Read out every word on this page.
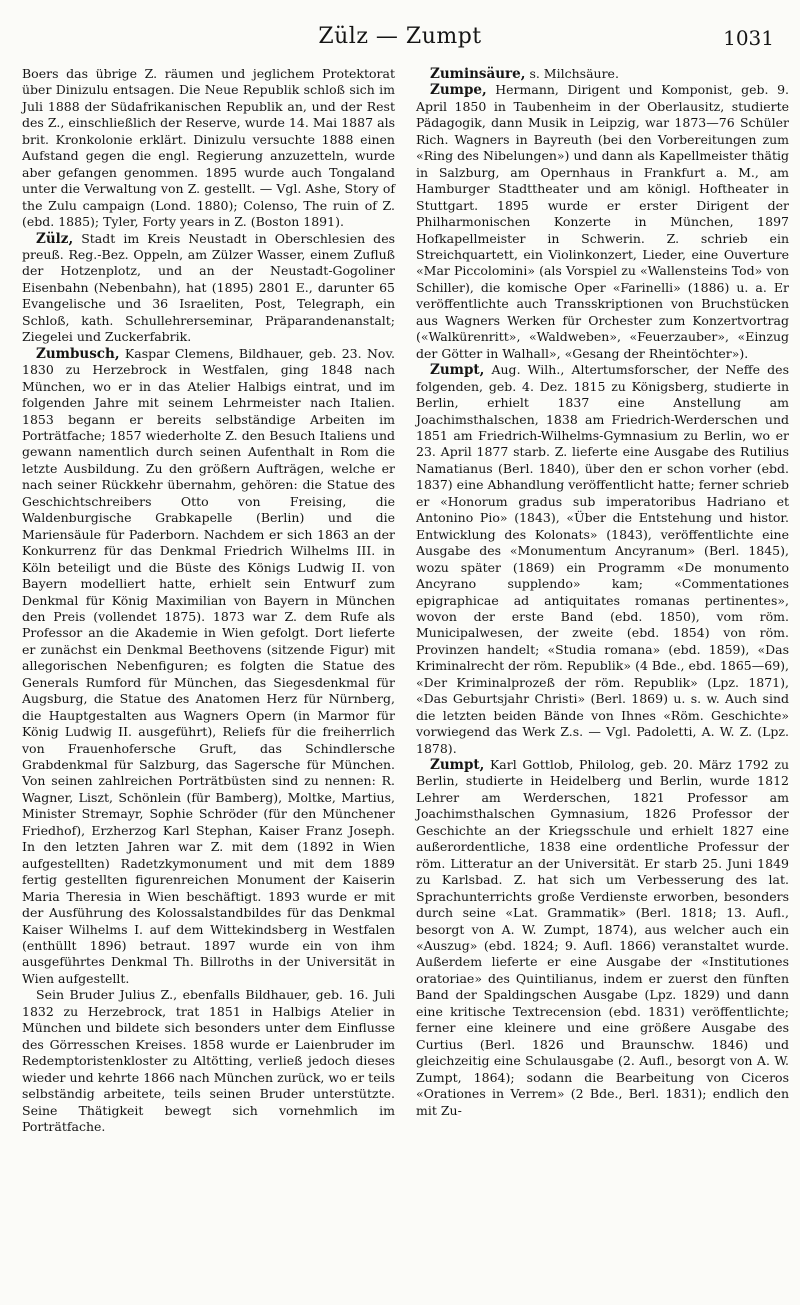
Zülz — Zumpt	1031

Boers das übrige Z. räumen und jeglichem Protektorat über Dinizulu entsagen. Die Neue Republik schloß sich im Juli 1888 der Südafrikanischen Republik an, und der Rest des Z., einschließlich der Reserve, wurde 14. Mai 1887 als brit. Kronkolonie erklärt. Dinizulu versuchte 1888 einen Aufstand gegen die engl. Regierung anzuzetteln, wurde aber gefangen genommen. 1895 wurde auch Tongaland unter die Verwaltung von Z. gestellt. — Vgl. Ashe, Story of the Zulu campaign (Lond. 1880); Colenso, The ruin of Z. (ebd. 1885); Tyler, Forty years in Z. (Boston 1891).

Zülz, Stadt im Kreis Neustadt in Oberschlesien des preuß. Reg.-Bez. Oppeln, am Zülzer Wasser, einem Zufluß der Hotzenplotz, und an der Neustadt-Gogoliner Eisenbahn (Nebenbahn), hat (1895) 2801 E., darunter 65 Evangelische und 36 Israeliten, Post, Telegraph, ein Schloß, kath. Schullehrerseminar, Präparandenanstalt; Ziegelei und Zuckerfabrik.

Zumbusch, Kaspar Clemens, Bildhauer, geb. 23. Nov. 1830 zu Herzebrock in Westfalen, ging 1848 nach München, wo er in das Atelier Halbigs eintrat, und im folgenden Jahre mit seinem Lehrmeister nach Italien. 1853 begann er bereits selbständige Arbeiten im Porträtfache; 1857 wiederholte Z. den Besuch Italiens und gewann namentlich durch seinen Aufenthalt in Rom die letzte Ausbildung. Zu den größern Aufträgen, welche er nach seiner Rückkehr übernahm, gehören: die Statue des Geschichtschreibers Otto von Freising, die Waldenburgische Grabkapelle (Berlin) und die Mariensäule für Paderborn. Nachdem er sich 1863 an der Konkurrenz für das Denkmal Friedrich Wilhelms III. in Köln beteiligt und die Büste des Königs Ludwig II. von Bayern modelliert hatte, erhielt sein Entwurf zum Denkmal für König Maximilian von Bayern in München den Preis (vollendet 1875). 1873 war Z. dem Rufe als Professor an die Akademie in Wien gefolgt. Dort lieferte er zunächst ein Denkmal Beethovens (sitzende Figur) mit allegorischen Nebenfiguren; es folgten die Statue des Generals Rumford für München, das Siegesdenkmal für Augsburg, die Statue des Anatomen Herz für Nürnberg, die Hauptgestalten aus Wagners Opern (in Marmor für König Ludwig II. ausgeführt), Reliefs für die freiherrlich von Frauenhofersche Gruft, das Schindlersche Grabdenkmal für Salzburg, das Sagersche für München. Von seinen zahlreichen Porträtbüsten sind zu nennen: R. Wagner, Liszt, Schönlein (für Bamberg), Moltke, Martius, Minister Stremayr, Sophie Schröder (für den Münchener Friedhof), Erzherzog Karl Stephan, Kaiser Franz Joseph. In den letzten Jahren war Z. mit dem (1892 in Wien aufgestellten) Radetzkymonument und mit dem 1889 fertig gestellten figurenreichen Monument der Kaiserin Maria Theresia in Wien beschäftigt. 1893 wurde er mit der Ausführung des Kolossalstandbildes für das Denkmal Kaiser Wilhelms I. auf dem Wittekindsberg in Westfalen (enthüllt 1896) betraut. 1897 wurde ein von ihm ausgeführtes Denkmal Th. Billroths in der Universität in Wien aufgestellt.

Sein Bruder Julius Z., ebenfalls Bildhauer, geb. 16. Juli 1832 zu Herzebrock, trat 1851 in Halbigs Atelier in München und bildete sich besonders unter dem Einflusse des Görresschen Kreises. 1858 wurde er Laienbruder im Redemptoristenkloster zu Altötting, verließ jedoch dieses wieder und kehrte 1866 nach München zurück, wo er teils selbständig arbeitete, teils seinen Bruder unterstützte. Seine Thätigkeit bewegt sich vornehmlich im Porträtfache.

Zuminsäure, s. Milchsäure.

Zumpe, Hermann, Dirigent und Komponist, geb. 9. April 1850 in Taubenheim in der Oberlausitz, studierte Pädagogik, dann Musik in Leipzig, war 1873—76 Schüler Rich. Wagners in Bayreuth (bei den Vorbereitungen zum «Ring des Nibelungen») und dann als Kapellmeister thätig in Salzburg, am Opernhaus in Frankfurt a. M., am Hamburger Stadttheater und am königl. Hoftheater in Stuttgart. 1895 wurde er erster Dirigent der Philharmonischen Konzerte in München, 1897 Hofkapellmeister in Schwerin. Z. schrieb ein Streichquartett, ein Violinkonzert, Lieder, eine Ouverture «Mar Piccolomini» (als Vorspiel zu «Wallensteins Tod» von Schiller), die komische Oper «Farinelli» (1886) u. a. Er veröffentlichte auch Transskriptionen von Bruchstücken aus Wagners Werken für Orchester zum Konzertvortrag («Walkürenritt», «Waldweben», «Feuerzauber», «Einzug der Götter in Walhall», «Gesang der Rheintöchter»).

Zumpt, Aug. Wilh., Altertumsforscher, der Neffe des folgenden, geb. 4. Dez. 1815 zu Königsberg, studierte in Berlin, erhielt 1837 eine Anstellung am Joachimsthalschen, 1838 am Friedrich-Werderschen und 1851 am Friedrich-Wilhelms-Gymnasium zu Berlin, wo er 23. April 1877 starb. Z. lieferte eine Ausgabe des Rutilius Namatianus (Berl. 1840), über den er schon vorher (ebd. 1837) eine Abhandlung veröffentlicht hatte; ferner schrieb er «Honorum gradus sub imperatoribus Hadriano et Antonino Pio» (1843), «Über die Entstehung und histor. Entwicklung des Kolonats» (1843), veröffentlichte eine Ausgabe des «Monumentum Ancyranum» (Berl. 1845), wozu später (1869) ein Programm «De monumento Ancyrano supplendo» kam; «Commentationes epigraphicae ad antiquitates romanas pertinentes», wovon der erste Band (ebd. 1850), vom röm. Municipalwesen, der zweite (ebd. 1854) von röm. Provinzen handelt; «Studia romana» (ebd. 1859), «Das Kriminalrecht der röm. Republik» (4 Bde., ebd. 1865—69), «Der Kriminalprozeß der röm. Republik» (Lpz. 1871), «Das Geburtsjahr Christi» (Berl. 1869) u. s. w. Auch sind die letzten beiden Bände von Ihnes «Röm. Geschichte» vorwiegend das Werk Z.s. — Vgl. Padoletti, A. W. Z. (Lpz. 1878).

Zumpt, Karl Gottlob, Philolog, geb. 20. März 1792 zu Berlin, studierte in Heidelberg und Berlin, wurde 1812 Lehrer am Werderschen, 1821 Professor am Joachimsthalschen Gymnasium, 1826 Professor der Geschichte an der Kriegsschule und erhielt 1827 eine außerordentliche, 1838 eine ordentliche Professur der röm. Litteratur an der Universität. Er starb 25. Juni 1849 zu Karlsbad. Z. hat sich um Verbesserung des lat. Sprachunterrichts große Verdienste erworben, besonders durch seine «Lat. Grammatik» (Berl. 1818; 13. Aufl., besorgt von A. W. Zumpt, 1874), aus welcher auch ein «Auszug» (ebd. 1824; 9. Aufl. 1866) veranstaltet wurde. Außerdem lieferte er eine Ausgabe der «Institutiones oratoriae» des Quintilianus, indem er zuerst den fünften Band der Spaldingschen Ausgabe (Lpz. 1829) und dann eine kritische Textrecension (ebd. 1831) veröffentlichte; ferner eine kleinere und eine größere Ausgabe des Curtius (Berl. 1826 und Braunschw. 1846) und gleichzeitig eine Schulausgabe (2. Aufl., besorgt von A. W. Zumpt, 1864); sodann die Bearbeitung von Ciceros «Orationes in Verrem» (2 Bde., Berl. 1831); endlich den mit Zu-
